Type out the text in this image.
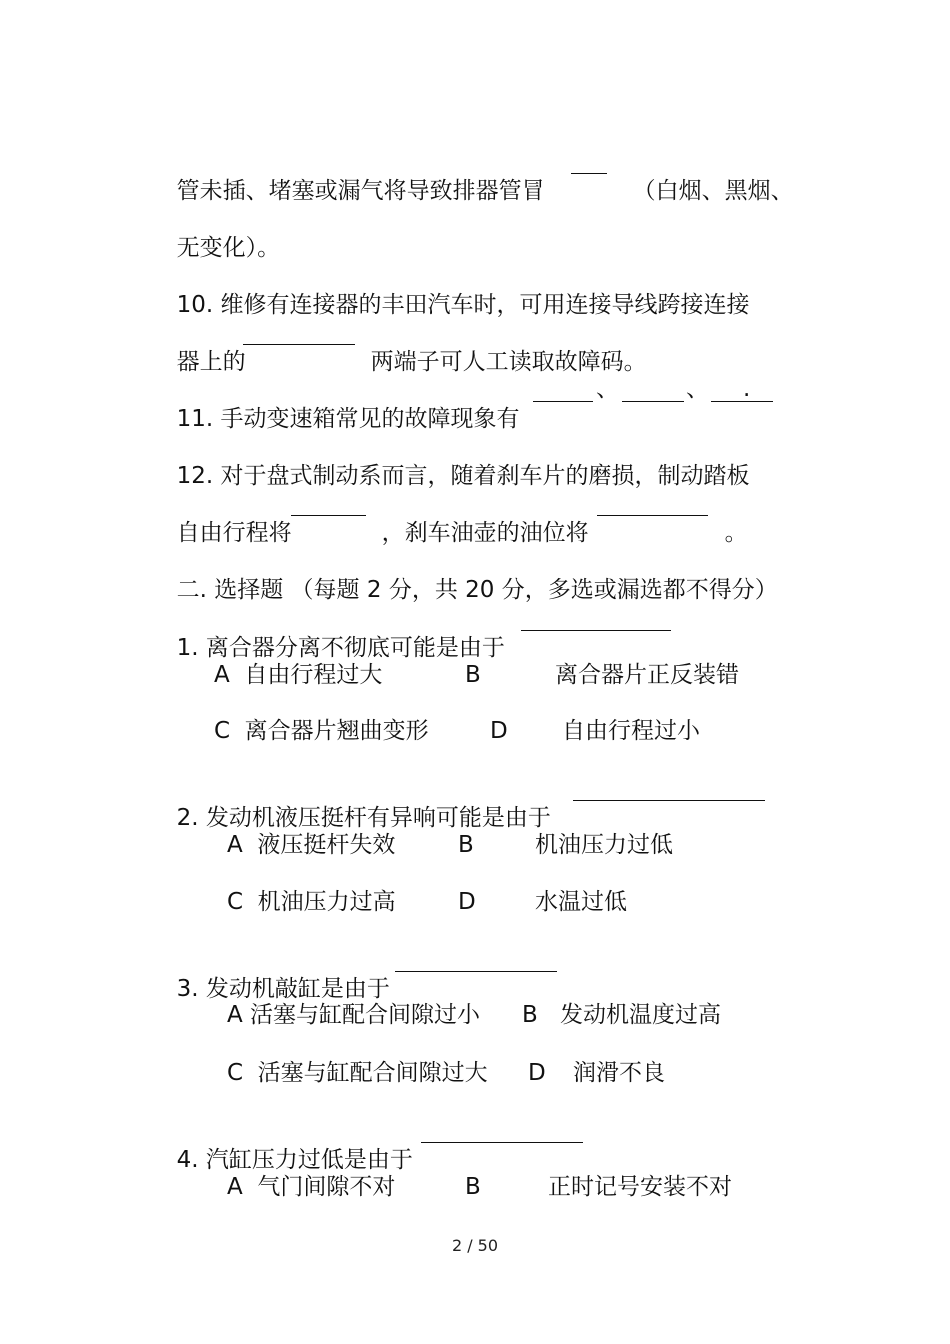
管未插、堵塞或漏气将导致排器管冒	（白烟、黑烟、

无变化）。

10. 维修有连接器的丰田汽车时，可用连接导线跨接连接

器上的	两端子可人工读取故障码。

11. 手动变速箱常见的故障现象有

、	、 .

12. 对于盘式制动系而言，随着刹车片的磨损，制动踏板

自由行程将	，刹车油壶的油位将	。

二. 选择题 （每题 2 分，共 20 分，多选或漏选都不得分）

1. 离合器分离不彻底可能是由于

A  自由行程过大	B	离合器片正反装错
C  离合器片翘曲变形	D 自由行程过小

2. 发动机液压挺杆有异响可能是由于

A  液压挺杆失效	B	机油压力过低
C  机油压力过高	D	水温过低

3. 发动机敲缸是由于

A 活塞与缸配合间隙过小 B 发动机温度过高
C  活塞与缸配合间隙过大 D 润滑不良

4. 汽缸压力过低是由于

A  气门间隙不对	B	正时记号安装不对
2 / 50
